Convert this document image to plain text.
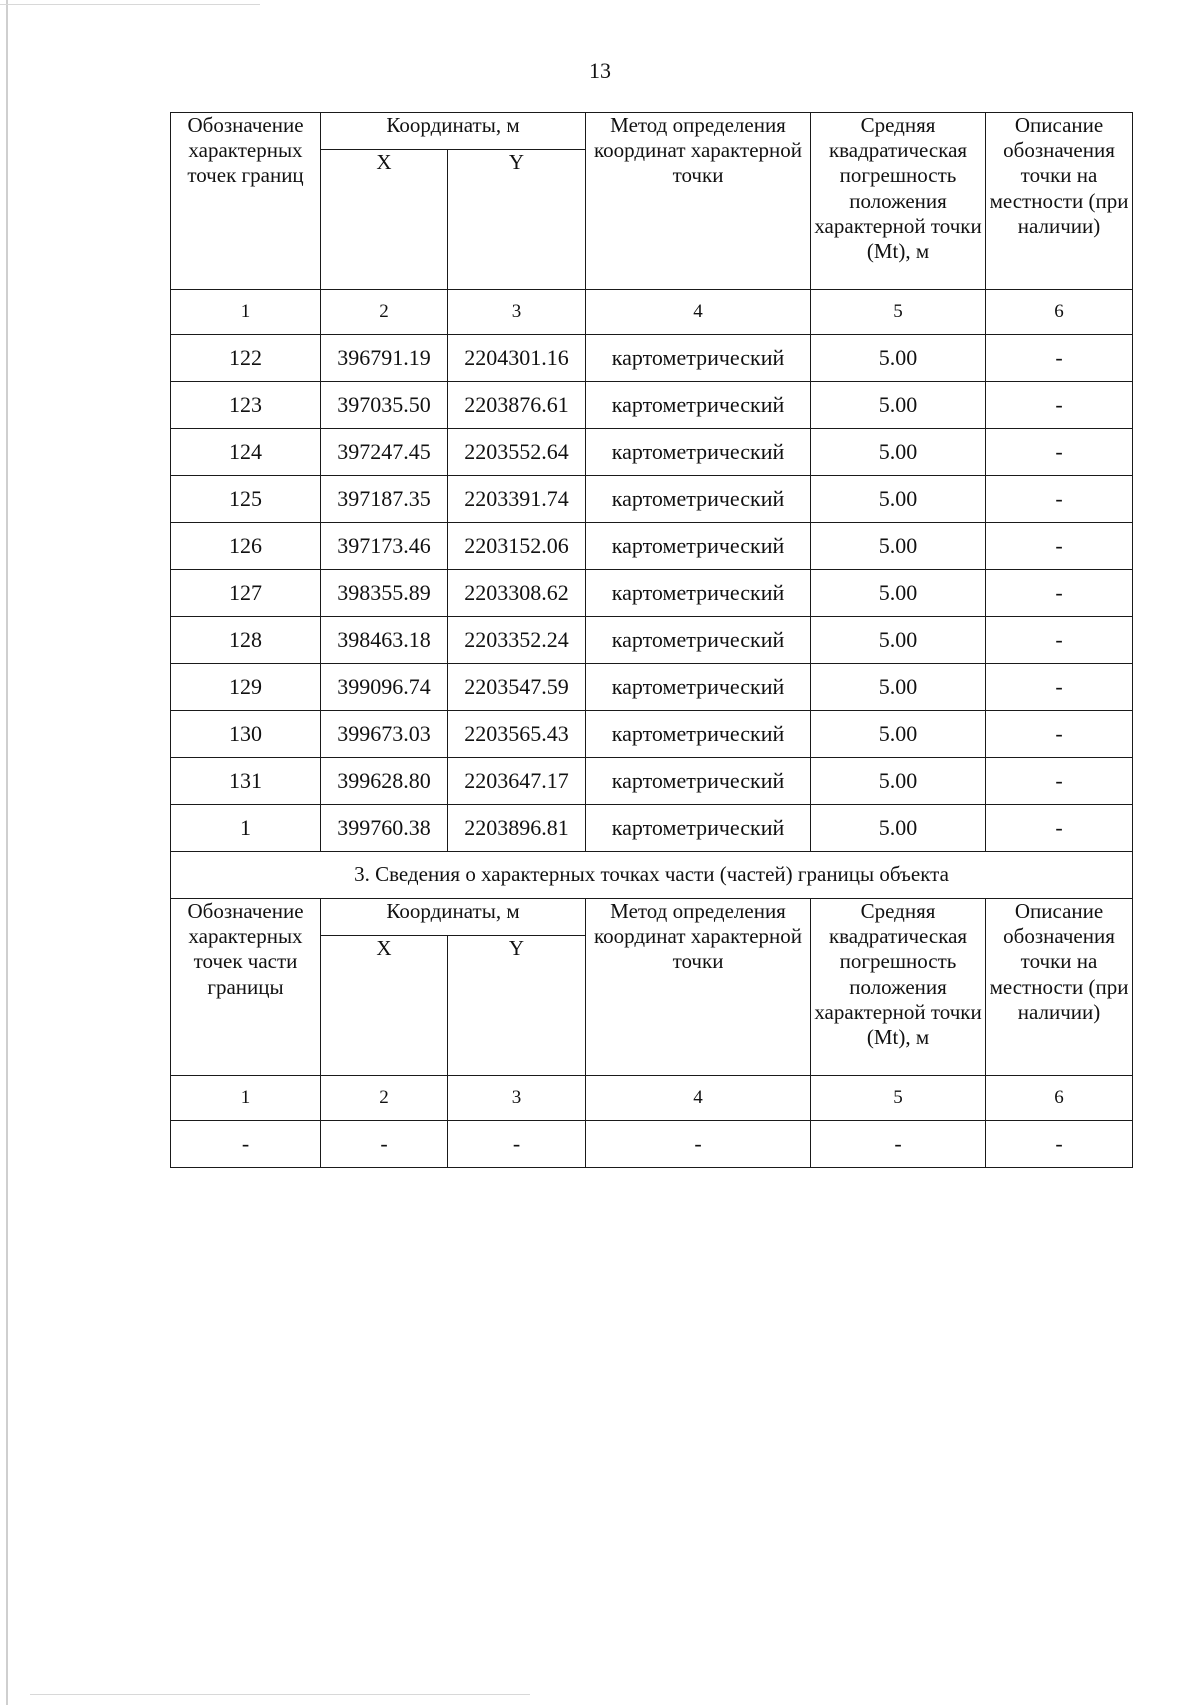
13
Обозначение характерных точек границ	Координаты, м		Метод определения координат характерной точки	Средняя квадратическая погрешность положения характерной точки (Mt), м	Описание обозначения точки на местности (при наличии)
	X	Y			
1	2	3	4	5	6
122	396791.19	2204301.16	картометрический	5.00	-
123	397035.50	2203876.61	картометрический	5.00	-
124	397247.45	2203552.64	картометрический	5.00	-
125	397187.35	2203391.74	картометрический	5.00	-
126	397173.46	2203152.06	картометрический	5.00	-
127	398355.89	2203308.62	картометрический	5.00	-
128	398463.18	2203352.24	картометрический	5.00	-
129	399096.74	2203547.59	картометрический	5.00	-
130	399673.03	2203565.43	картометрический	5.00	-
131	399628.80	2203647.17	картометрический	5.00	-
1	399760.38	2203896.81	картометрический	5.00	-
3. Сведения о характерных точках части (частей) границы объекта					
Обозначение характерных точек части границы	Координаты, м		Метод определения координат характерной точки	Средняя квадратическая погрешность положения характерной точки (Mt), м	Описание обозначения точки на местности (при наличии)
	X	Y			
1	2	3	4	5	6
-	-	-	-	-	-
